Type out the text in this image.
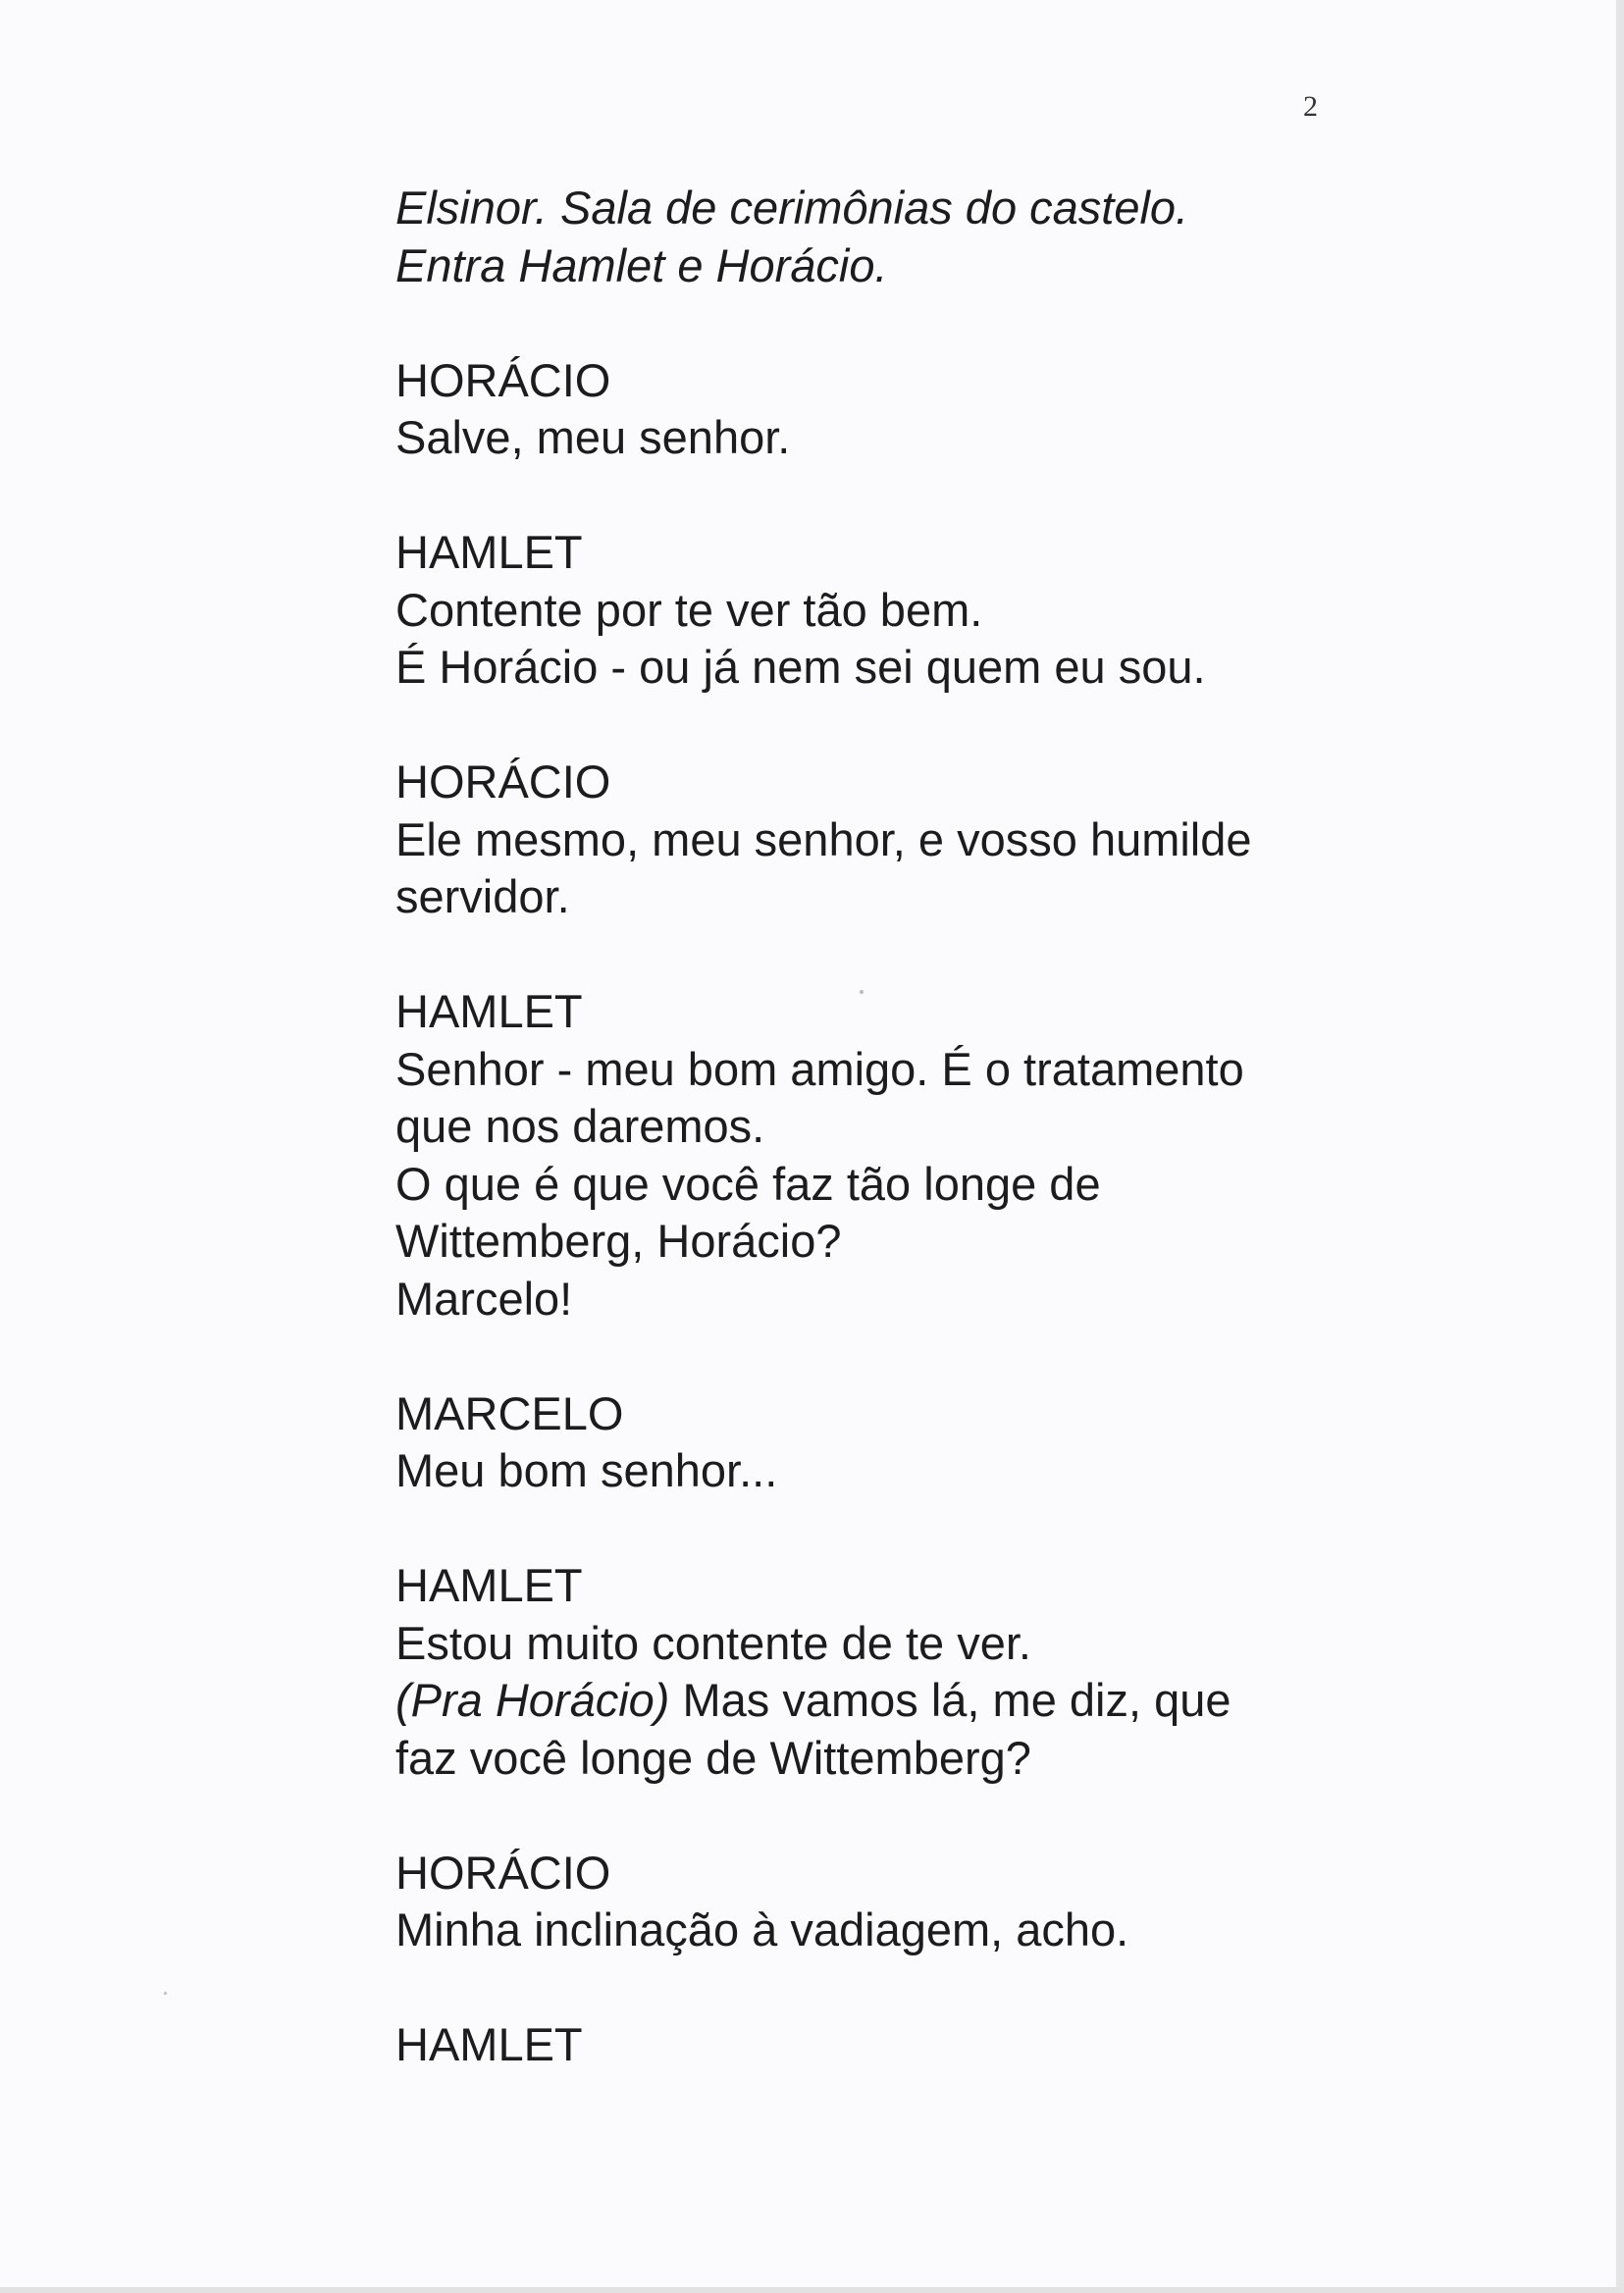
2
Elsinor. Sala de cerimônias do castelo.
Entra Hamlet e Horácio.
HORÁCIO
Salve, meu senhor.
HAMLET
Contente por te ver tão bem.
É Horácio - ou já nem sei quem eu sou.
HORÁCIO
Ele mesmo, meu senhor, e vosso humilde
servidor.
HAMLET
Senhor - meu bom amigo. É o tratamento
que nos daremos.
O que é que você faz tão longe de
Wittemberg, Horácio?
Marcelo!
MARCELO
Meu bom senhor...
HAMLET
Estou muito contente de te ver.
(Pra Horácio) Mas vamos lá, me diz, que
faz você longe de Wittemberg?
HORÁCIO
Minha inclinação à vadiagem, acho.
HAMLET
